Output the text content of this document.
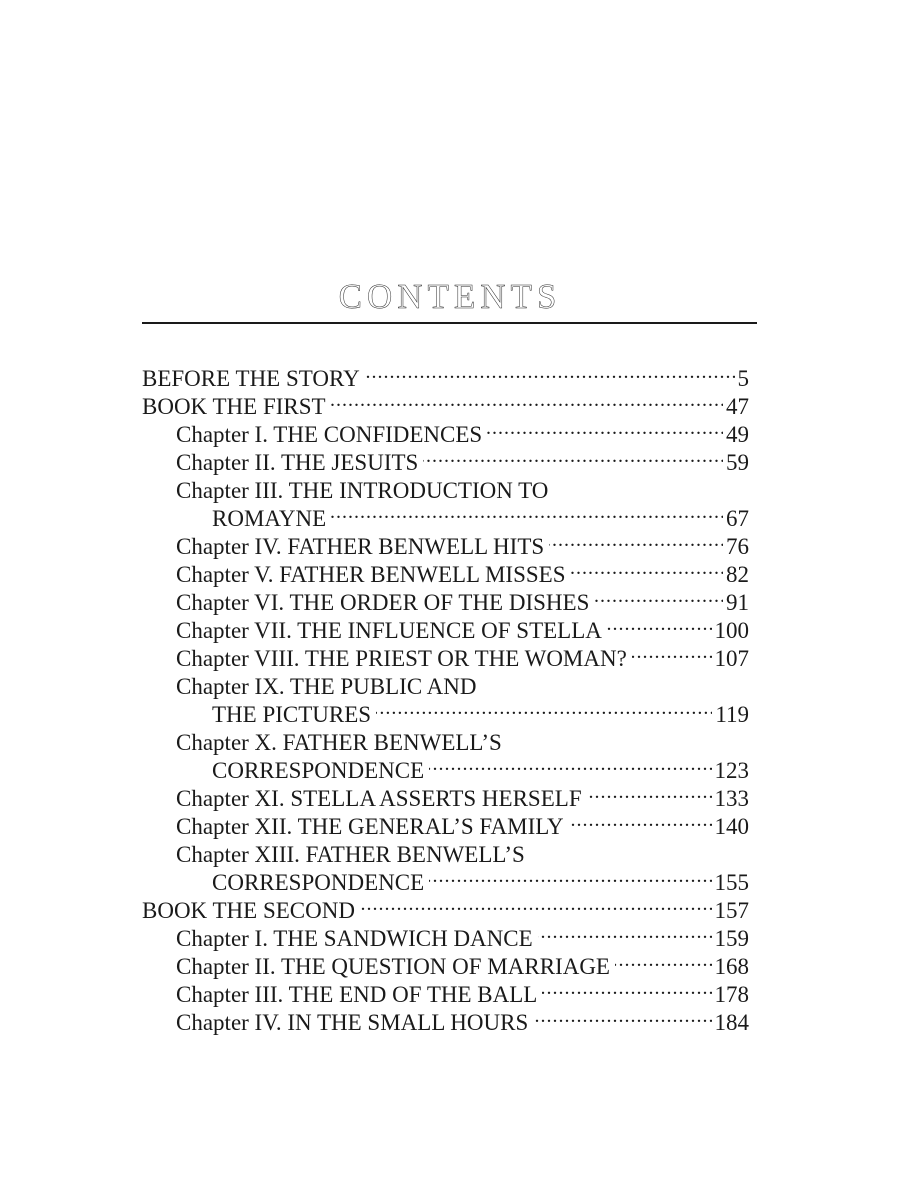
CONTENTS
BEFORE THE STORY . . .	5
BOOK THE FIRST . . .	47
Chapter I. THE CONFIDENCES . . .	49
Chapter II. THE JESUITS . . .	59
Chapter III. THE INTRODUCTION TO
ROMAYNE . . .	67
Chapter IV. FATHER BENWELL HITS . . .	76
Chapter V. FATHER BENWELL MISSES . . .	82
Chapter VI. THE ORDER OF THE DISHES . . .	91
Chapter VII. THE INFLUENCE OF STELLA . . .	100
Chapter VIII. THE PRIEST OR THE WOMAN? . . .	107
Chapter IX. THE PUBLIC AND
THE PICTURES . . .	119
Chapter X. FATHER BENWELL’S
CORRESPONDENCE . . .	123
Chapter XI. STELLA ASSERTS HERSELF . . .	133
Chapter XII. THE GENERAL’S FAMILY . . .	140
Chapter XIII. FATHER BENWELL’S
CORRESPONDENCE . . .	155
BOOK THE SECOND . . .	157
Chapter I. THE SANDWICH DANCE . . .	159
Chapter II. THE QUESTION OF MARRIAGE . . .	168
Chapter III. THE END OF THE BALL . . .	178
Chapter IV. IN THE SMALL HOURS . . .	184
